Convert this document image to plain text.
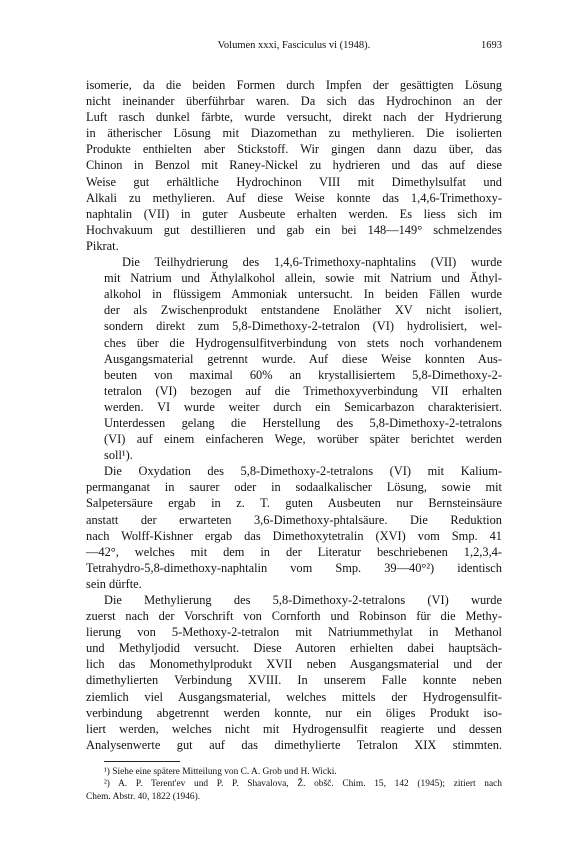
Volumen xxxi, Fasciculus vi (1948).	1693

isomerie, da die beiden Formen durch Impfen der gesättigten Lösung
nicht ineinander überführbar waren. Da sich das Hydrochinon an der
Luft rasch dunkel färbte, wurde versucht, direkt nach der Hydrierung
in ätherischer Lösung mit Diazomethan zu methylieren. Die isolierten
Produkte enthielten aber Stickstoff. Wir gingen dann dazu über, das
Chinon in Benzol mit Raney-Nickel zu hydrieren und das auf diese
Weise gut erhältliche Hydrochinon VIII mit Dimethylsulfat und
Alkali zu methylieren. Auf diese Weise konnte das 1,4,6-Trimethoxy-
naphtalin (VII) in guter Ausbeute erhalten werden. Es liess sich im
Hochvakuum gut destillieren und gab ein bei 148—149° schmelzendes
Pikrat.

Die Teilhydrierung des 1,4,6-Trimethoxy-naphtalins (VII) wurde
mit Natrium und Äthylalkohol allein, sowie mit Natrium und Äthyl-
alkohol in flüssigem Ammoniak untersucht. In beiden Fällen wurde
der als Zwischenprodukt entstandene Enoläther XV nicht isoliert,
sondern direkt zum 5,8-Dimethoxy-2-tetralon (VI) hydrolisiert, wel-
ches über die Hydrogensulfitverbindung von stets noch vorhandenem
Ausgangsmaterial getrennt wurde. Auf diese Weise konnten Aus-
beuten von maximal 60% an krystallisiertem 5,8-Dimethoxy-2-
tetralon (VI) bezogen auf die Trimethoxyverbindung VII erhalten
werden. VI wurde weiter durch ein Semicarbazon charakterisiert.
Unterdessen gelang die Herstellung des 5,8-Dimethoxy-2-tetralons
(VI) auf einem einfacheren Wege, worüber später berichtet werden
soll¹).

Die Oxydation des 5,8-Dimethoxy-2-tetralons (VI) mit Kalium-
permanganat in saurer oder in sodaalkalischer Lösung, sowie mit
Salpetersäure ergab in z. T. guten Ausbeuten nur Bernsteinsäure
anstatt der erwarteten 3,6-Dimethoxy-phtalsäure. Die Reduktion
nach Wolff-Kishner ergab das Dimethoxytetralin (XVI) vom Smp. 41
—42°, welches mit dem in der Literatur beschriebenen 1,2,3,4-
Tetrahydro-5,8-dimethoxy-naphtalin vom Smp. 39—40°²) identisch
sein dürfte.

Die Methylierung des 5,8-Dimethoxy-2-tetralons (VI) wurde
zuerst nach der Vorschrift von Cornforth und Robinson für die Methy-
lierung von 5-Methoxy-2-tetralon mit Natriummethylat in Methanol
und Methyljodid versucht. Diese Autoren erhielten dabei hauptsäch-
lich das Monomethylprodukt XVII neben Ausgangsmaterial und der
dimethylierten Verbindung XVIII. In unserem Falle konnte neben
ziemlich viel Ausgangsmaterial, welches mittels der Hydrogensulfit-
verbindung abgetrennt werden konnte, nur ein öliges Produkt iso-
liert werden, welches nicht mit Hydrogensulfit reagierte und dessen
Analysenwerte gut auf das dimethylierte Tetralon XIX stimmten.

¹) Siehe eine spätere Mitteilung von C. A. Grob und H. Wicki.
²) A. P. Terent'ev und P. P. Shavalova, Ž. obšč. Chim. 15, 142 (1945); zitiert nach
Chem. Abstr. 40, 1822 (1946).
